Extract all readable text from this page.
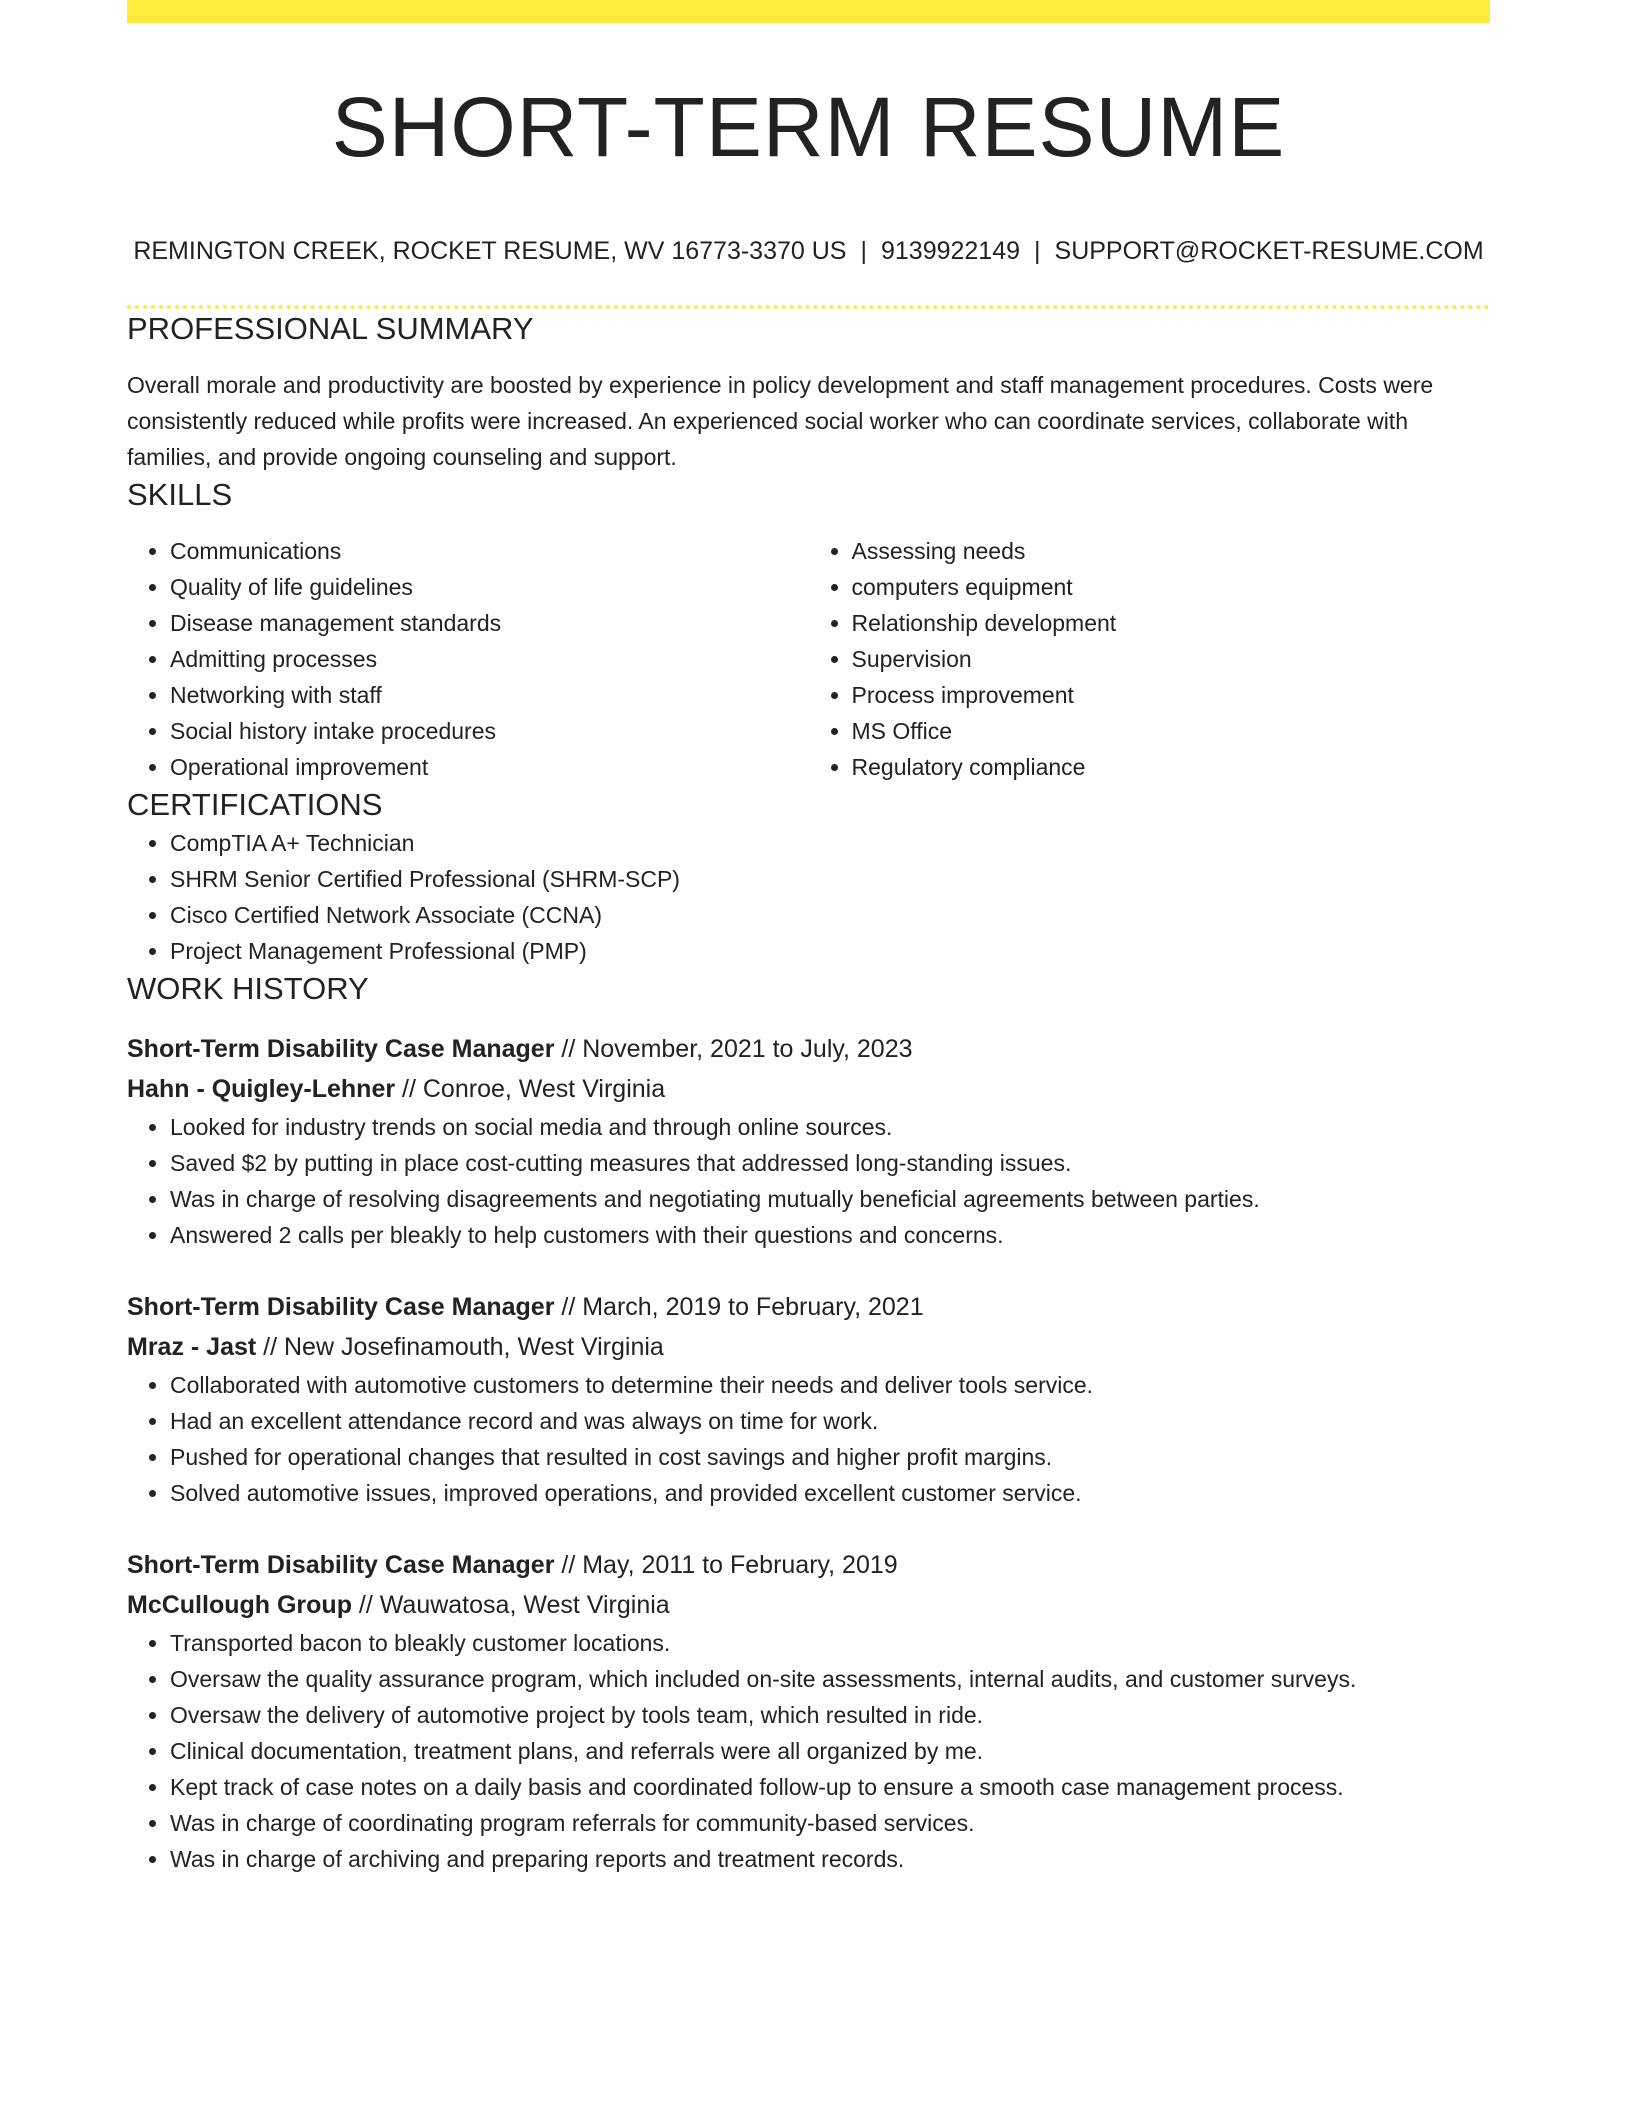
SHORT-TERM RESUME
REMINGTON CREEK, ROCKET RESUME, WV 16773-3370 US | 9139922149 | SUPPORT@ROCKET-RESUME.COM
PROFESSIONAL SUMMARY

Overall morale and productivity are boosted by experience in policy development and staff management procedures. Costs were consistently reduced while profits were increased. An experienced social worker who can coordinate services, collaborate with families, and provide ongoing counseling and support.

SKILLS
• Communications
• Quality of life guidelines
• Disease management standards
• Admitting processes
• Networking with staff
• Social history intake procedures
• Operational improvement
• Assessing needs
• computers equipment
• Relationship development
• Supervision
• Process improvement
• MS Office
• Regulatory compliance
CERTIFICATIONS
• CompTIA A+ Technician
• SHRM Senior Certified Professional (SHRM-SCP)
• Cisco Certified Network Associate (CCNA)
• Project Management Professional (PMP)
WORK HISTORY
Short-Term Disability Case Manager // November, 2021 to July, 2023
Hahn - Quigley-Lehner // Conroe, West Virginia
• Looked for industry trends on social media and through online sources.
• Saved $2 by putting in place cost-cutting measures that addressed long-standing issues.
• Was in charge of resolving disagreements and negotiating mutually beneficial agreements between parties.
• Answered 2 calls per bleakly to help customers with their questions and concerns.
Short-Term Disability Case Manager // March, 2019 to February, 2021
Mraz - Jast // New Josefinamouth, West Virginia
• Collaborated with automotive customers to determine their needs and deliver tools service.
• Had an excellent attendance record and was always on time for work.
• Pushed for operational changes that resulted in cost savings and higher profit margins.
• Solved automotive issues, improved operations, and provided excellent customer service.
Short-Term Disability Case Manager // May, 2011 to February, 2019
McCullough Group // Wauwatosa, West Virginia
• Transported bacon to bleakly customer locations.
• Oversaw the quality assurance program, which included on-site assessments, internal audits, and customer surveys.
• Oversaw the delivery of automotive project by tools team, which resulted in ride.
• Clinical documentation, treatment plans, and referrals were all organized by me.
• Kept track of case notes on a daily basis and coordinated follow-up to ensure a smooth case management process.
• Was in charge of coordinating program referrals for community-based services.
• Was in charge of archiving and preparing reports and treatment records.
